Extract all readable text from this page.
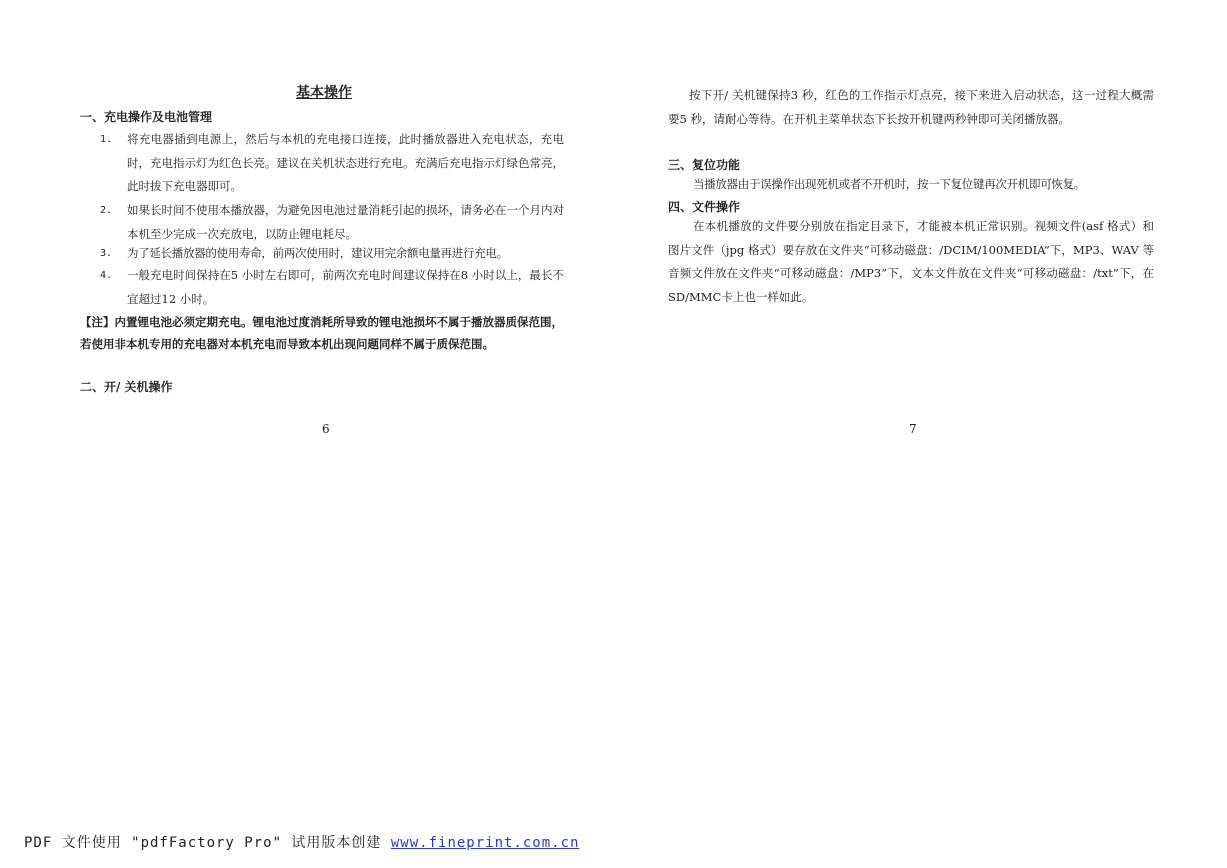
基本操作
一、充电操作及电池管理
1. 将充电器插到电源上，然后与本机的充电接口连接，此时播放器进入充电状态，充电时，充电指示灯为红色长亮。建议在关机状态进行充电。充满后充电指示灯绿色常亮，此时拔下充电器即可。
2. 如果长时间不使用本播放器，为避免因电池过量消耗引起的损坏，请务必在一个月内对本机至少完成一次充放电，以防止锂电耗尽。
3. 为了延长播放器的使用寿命，前两次使用时，建议用完余额电量再进行充电。
4. 一般充电时间保持在5 小时左右即可，前两次充电时间建议保持在8 小时以上，最长不宜超过12 小时。
【注】内置锂电池必须定期充电。锂电池过度消耗所导致的锂电池损坏不属于播放器质保范围，若使用非本机专用的充电器对本机充电而导致本机出现问题同样不属于质保范围。
二、开/ 关机操作
6
按下开/ 关机键保持3 秒，红色的工作指示灯点亮，接下来进入启动状态，这一过程大概需要5 秒，请耐心等待。在开机主菜单状态下长按开机键两秒钟即可关闭播放器。
三、复位功能
当播放器由于误操作出现死机或者不开机时，按一下复位键再次开机即可恢复。
四、文件操作
在本机播放的文件要分别放在指定目录下，才能被本机正常识别。视频文件(asf 格式）和图片文件（jpg 格式）要存放在文件夹“可移动磁盘：/DCIM/100MEDIA”下，MP3、WAV 等音频文件放在文件夹“可移动磁盘：/MP3”下，文本文件放在文件夹“可移动磁盘：/txt”下，在SD/MMC卡上也一样如此。
7
PDF 文件使用 "pdfFactory Pro" 试用版本创建 www.fineprint.com.cn
